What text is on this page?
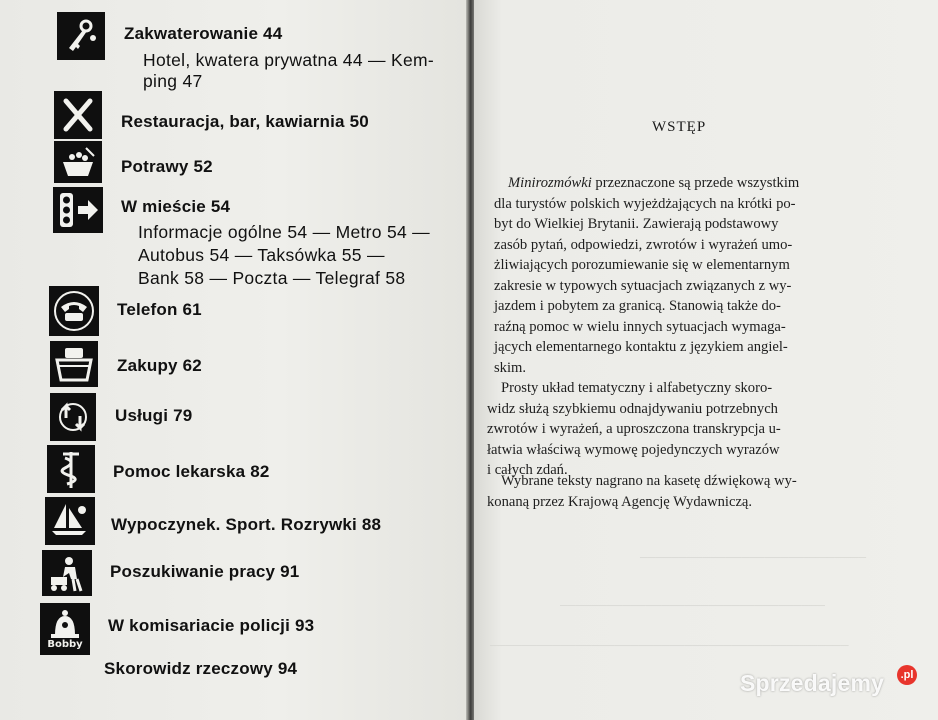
Zakwaterowanie 44
Hotel, kwatera prywatna 44 — Kem-
ping 47
Restauracja, bar, kawiarnia 50
Potrawy 52
W mieście 54
Informacje ogólne 54 — Metro 54 —
Autobus 54 — Taksówka 55 —
Bank 58 — Poczta — Telegraf 58
Telefon 61
Zakupy 62
Usługi 79
Pomoc lekarska 82
Wypoczynek. Sport. Rozrywki 88
Poszukiwanie pracy 91
Bobby
W komisariacie policji 93
Skorowidz rzeczowy 94
─────────────────────────────
──────────────────────────────────
──────────────────────────────────────────────
WSTĘP
Minirozmówki przeznaczone są przede wszystkim
dla turystów polskich wyjeżdżających na krótki po-
byt do Wielkiej Brytanii. Zawierają podstawowy
zasób pytań, odpowiedzi, zwrotów i wyrażeń umo-
żliwiających porozumiewanie się w elementarnym
zakresie w typowych sytuacjach związanych z wy-
jazdem i pobytem za granicą. Stanowią także do-
raźną pomoc w wielu innych sytuacjach wymaga-
jących elementarnego kontaktu z językiem angiel-
skim.
Prosty układ tematyczny i alfabetyczny skoro-
widz służą szybkiemu odnajdywaniu potrzebnych
zwrotów i wyrażeń, a uproszczona transkrypcja u-
łatwia właściwą wymowę pojedynczych wyrazów
i całych zdań.
Wybrane teksty nagrano na kasetę dźwiękową wy-
konaną przez Krajową Agencję Wydawniczą.
Sprzedajemy	.pl
